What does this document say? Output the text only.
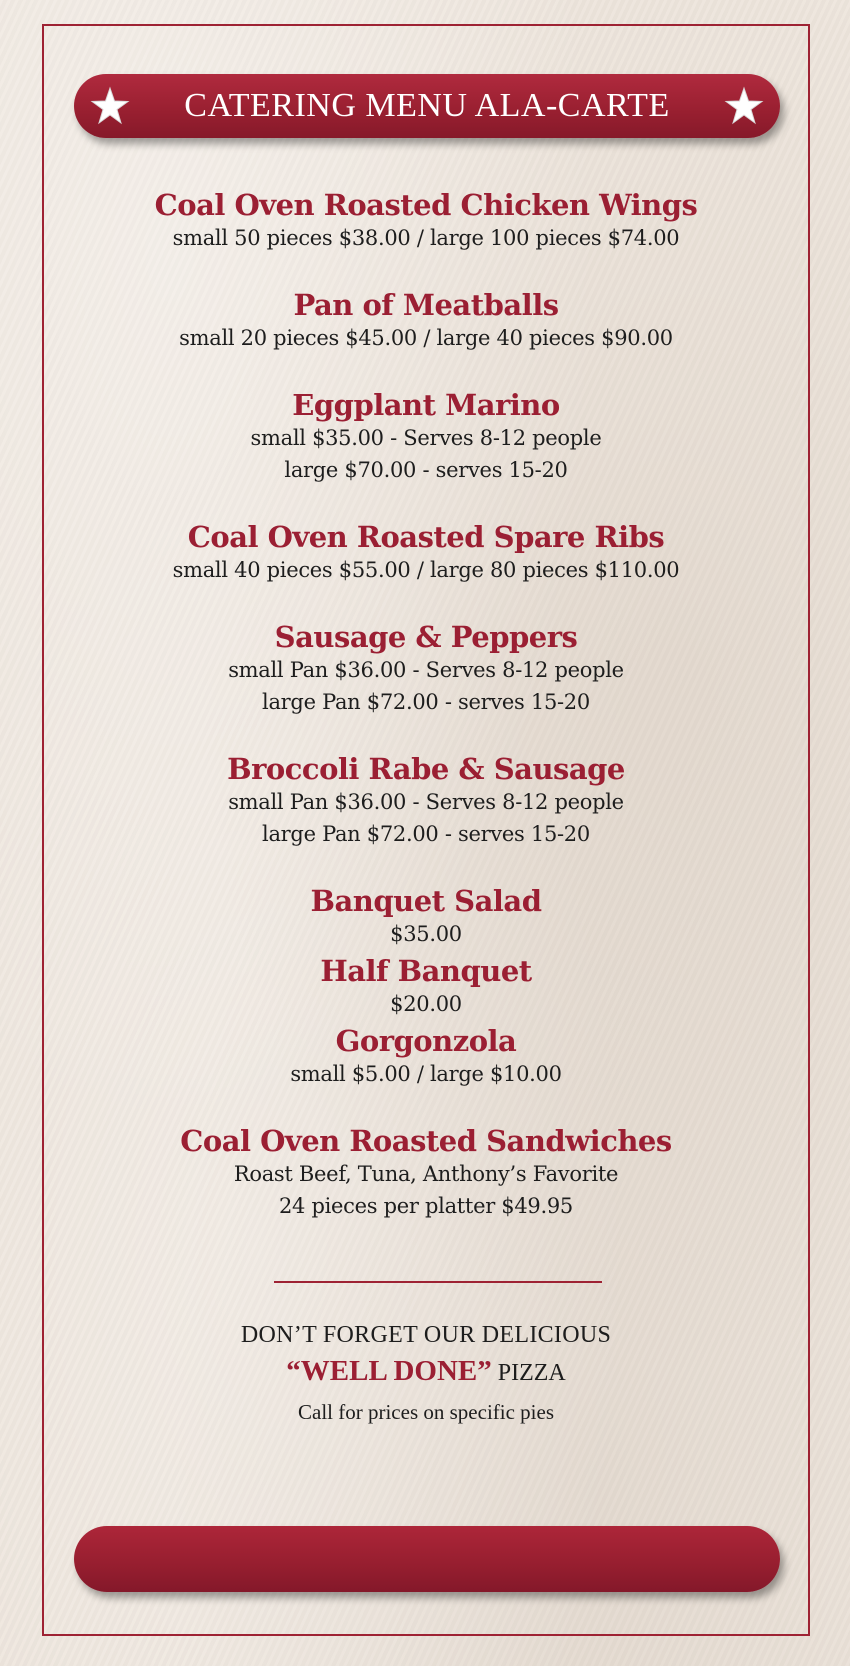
CATERING MENU ALA-CARTE
Coal Oven Roasted Chicken Wings
small 50 pieces $38.00 / large 100 pieces $74.00
Pan of Meatballs
small 20 pieces $45.00 / large 40 pieces $90.00
Eggplant Marino
small $35.00 - Serves 8-12 people
large $70.00 - serves 15-20
Coal Oven Roasted Spare Ribs
small 40 pieces $55.00 / large 80 pieces $110.00
Sausage & Peppers
small Pan $36.00 - Serves 8-12 people
large Pan $72.00 - serves 15-20
Broccoli Rabe & Sausage
small Pan $36.00 - Serves 8-12 people
large Pan $72.00 - serves 15-20
Banquet Salad
$35.00
Half Banquet
$20.00
Gorgonzola
small $5.00 / large $10.00
Coal Oven Roasted Sandwiches
Roast Beef, Tuna, Anthony’s Favorite
24 pieces per platter $49.95
DON’T FORGET OUR DELICIOUS
“WELL DONE” PIZZA
Call for prices on specific pies
